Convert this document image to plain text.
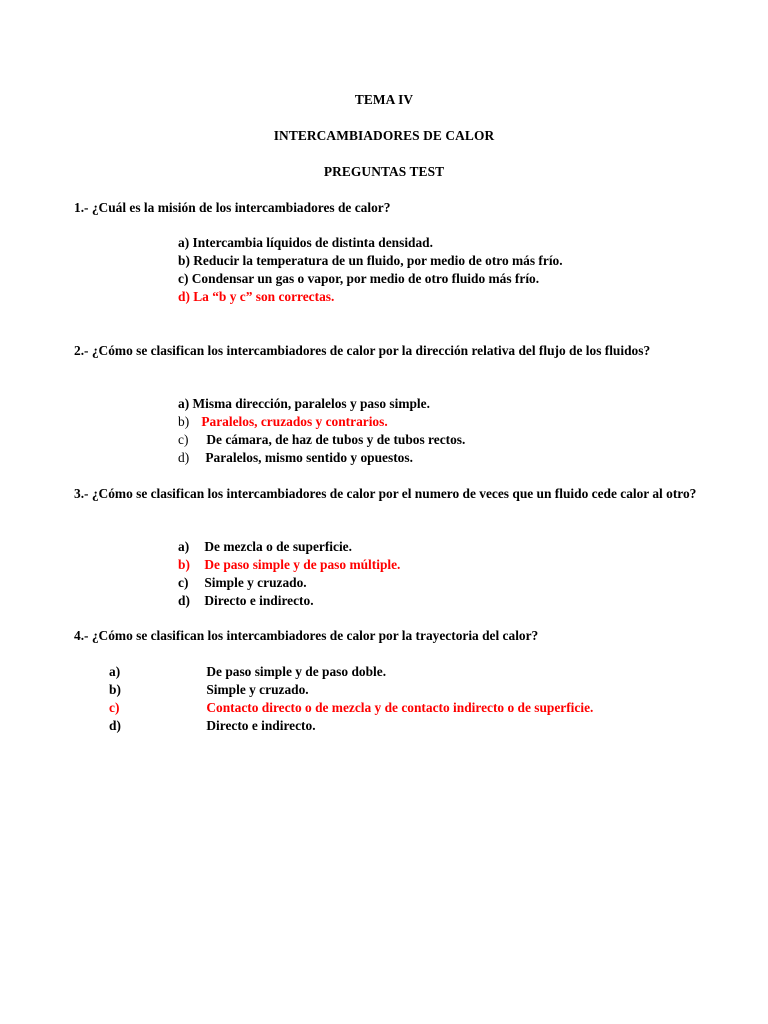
TEMA IV
INTERCAMBIADORES DE CALOR
PREGUNTAS TEST
1.- ¿Cuál es la misión de los intercambiadores de calor?
a) Intercambia líquidos de distinta densidad.
b) Reducir la temperatura de un fluido, por medio de otro más frío.
c) Condensar un gas o vapor, por medio de otro fluido más frío.
d) La “b y c” son correctas.
2.- ¿Cómo se clasifican los intercambiadores de calor por la dirección relativa del flujo de los fluidos?
a) Misma dirección, paralelos y paso simple.
b) Paralelos, cruzados y contrarios.
c) De cámara, de haz de tubos y de tubos rectos.
d) Paralelos, mismo sentido y opuestos.
3.- ¿Cómo se clasifican los intercambiadores de calor por el numero de veces que un fluido cede calor al otro?
a) De mezcla o de superficie.
b) De paso simple y de paso múltiple.
c) Simple y cruzado.
d) Directo e indirecto.
4.- ¿Cómo se clasifican los intercambiadores de calor por la trayectoria del calor?
a)	De paso simple y de paso doble.
b)	Simple y cruzado.
c)	Contacto directo o de mezcla y de contacto indirecto o de superficie.
d)	Directo e indirecto.
